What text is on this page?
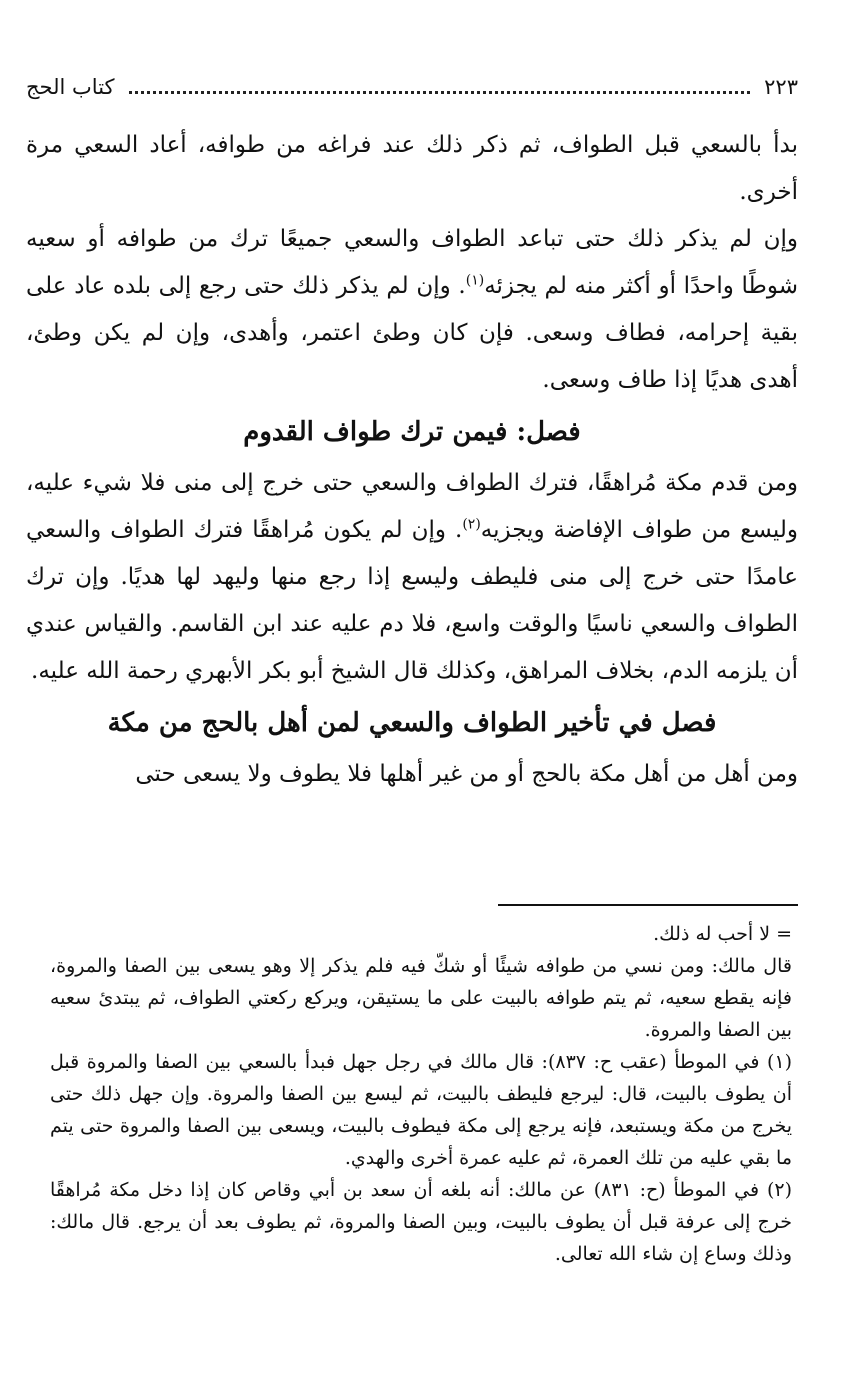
٢٢٣
كتاب الحج

بدأ بالسعي قبل الطواف، ثم ذكر ذلك عند فراغه من طوافه، أعاد السعي مرة أخرى.

وإن لم يذكر ذلك حتى تباعد الطواف والسعي جميعًا ترك من طوافه أو سعيه شوطًا واحدًا أو أكثر منه لم يجزئه$^{(١)}$. وإن لم يذكر ذلك حتى رجع إلى بلده عاد على بقية إحرامه، فطاف وسعى. فإن كان وطئ اعتمر، وأهدى، وإن لم يكن وطئ، أهدى هديًا إذا طاف وسعى.

فصل: فيمن ترك طواف القدوم

ومن قدم مكة مُراهقًا، فترك الطواف والسعي حتى خرج إلى منى فلا شيء عليه، وليسع من طواف الإفاضة ويجزيه$^{(٢)}$. وإن لم يكون مُراهقًا فترك الطواف والسعي عامدًا حتى خرج إلى منى فليطف وليسع إذا رجع منها وليهد لها هديًا. وإن ترك الطواف والسعي ناسيًا والوقت واسع، فلا دم عليه عند ابن القاسم. والقياس عندي أن يلزمه الدم، بخلاف المراهق، وكذلك قال الشيخ أبو بكر الأبهري رحمة الله عليه.

فصل في تأخير الطواف والسعي لمن أهل بالحج من مكة

ومن أهل من أهل مكة بالحج أو من غير أهلها فلا يطوف ولا يسعى حتى

= لا أحب له ذلك.

قال مالك: ومن نسي من طوافه شيئًا أو شكّ فيه فلم يذكر إلا وهو يسعى بين الصفا والمروة، فإنه يقطع سعيه، ثم يتم طوافه بالبيت على ما يستيقن، ويركع ركعتي الطواف، ثم يبتدئ سعيه بين الصفا والمروة.

(١) في الموطأ (عقب ح: ٨٣٧): قال مالك في رجل جهل فبدأ بالسعي بين الصفا والمروة قبل أن يطوف بالبيت، قال: ليرجع فليطف بالبيت، ثم ليسع بين الصفا والمروة. وإن جهل ذلك حتى يخرج من مكة ويستبعد، فإنه يرجع إلى مكة فيطوف بالبيت، ويسعى بين الصفا والمروة حتى يتم ما بقي عليه من تلك العمرة، ثم عليه عمرة أخرى والهدي.

(٢) في الموطأ (ح: ٨٣١) عن مالك: أنه بلغه أن سعد بن أبي وقاص كان إذا دخل مكة مُراهقًا خرج إلى عرفة قبل أن يطوف بالبيت، وبين الصفا والمروة، ثم يطوف بعد أن يرجع. قال مالك: وذلك وساع إن شاء الله تعالى.
